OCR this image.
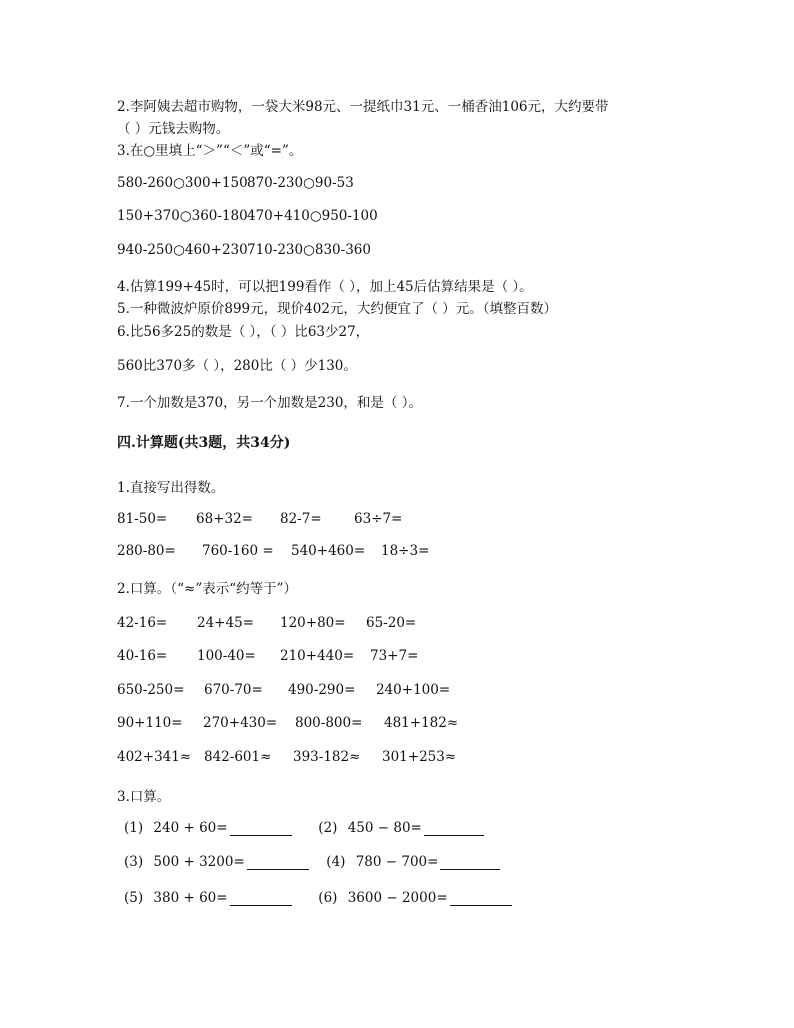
2.李阿姨去超市购物，一袋大米98元、一提纸巾31元、一桶香油106元，大约要带
（ ）元钱去购物。
3.在○里填上“＞”“＜”或“=”。
580-260○300+150 870-230○90-53
150+370○360-180 470+410○950-100
940-250○460+230 710-230○830-360
4.估算199+45时，可以把199看作（ ），加上45后估算结果是（ ）。
5.一种微波炉原价899元，现价402元，大约便宜了（ ）元。（填整百数）
6.比56多25的数是（ ），（ ）比63少27，
560比370多（ ），280比（ ）少130。
7.一个加数是370，另一个加数是230，和是（ ）。
四.计算题(共3题，共34分)
1.直接写出得数。
81-50=	68+32=	82-7=	63÷7=
280-80=	760-160 =	540+460=	18÷3=
2.口算。（“≈”表示“约等于”）
42-16=	24+45=	120+80=	65-20=
40-16=	100-40=	210+440=	73+7=
650-250=	670-70=	490-290=	240+100=
90+110=	270+430=	800-800=	481+182≈
402+341≈ 842-601≈	393-182≈	301+253≈
3.口算。
(1) 240 + 60=	(2) 450 − 80=
(3) 500 + 3200=	(4) 780 − 700=
(5) 380 + 60=	(6) 3600 − 2000=
